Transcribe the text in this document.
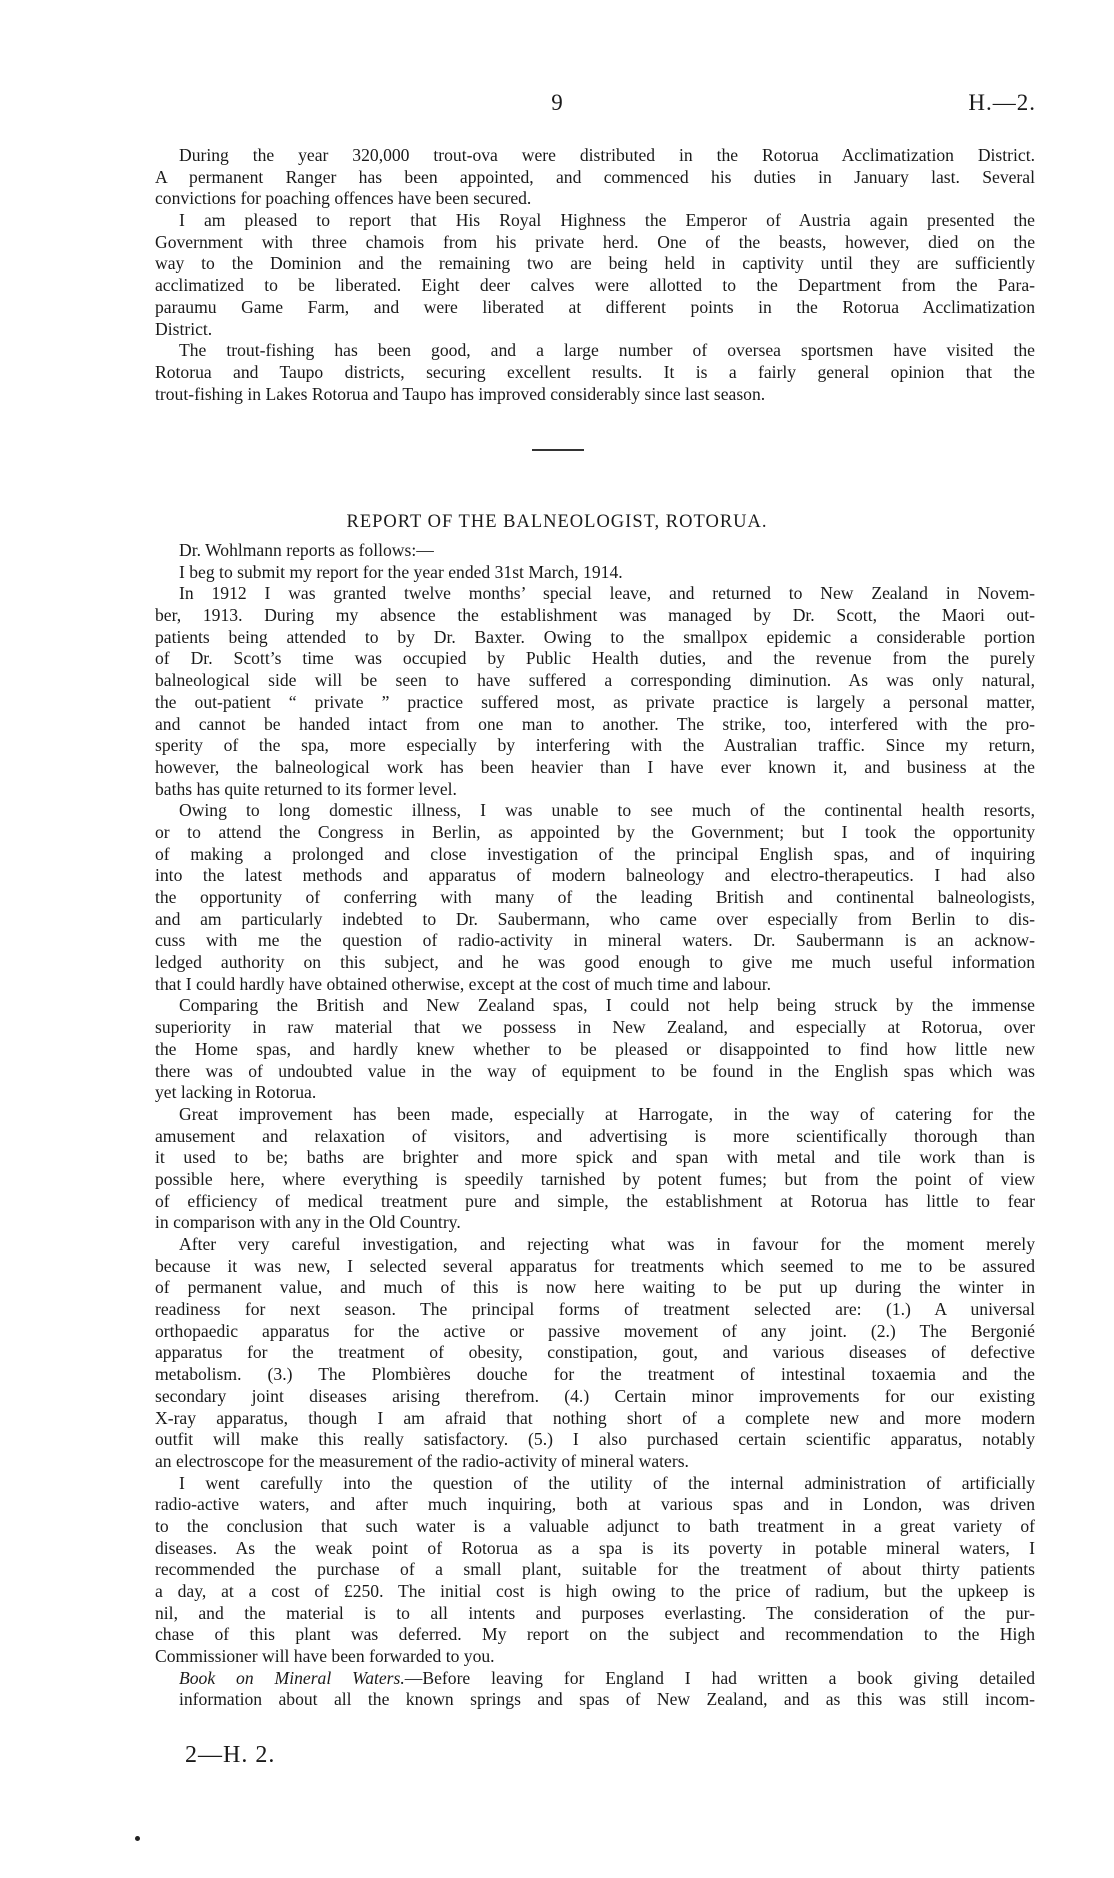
9	H.—2.
During the year 320,000 trout-ova were distributed in the Rotorua Acclimatization District.
A permanent Ranger has been appointed, and commenced his duties in January last. Several
convictions for poaching offences have been secured.
I am pleased to report that His Royal Highness the Emperor of Austria again presented the
Government with three chamois from his private herd. One of the beasts, however, died on the
way to the Dominion and the remaining two are being held in captivity until they are sufficiently
acclimatized to be liberated. Eight deer calves were allotted to the Department from the Para-
paraumu Game Farm, and were liberated at different points in the Rotorua Acclimatization
District.
The trout-fishing has been good, and a large number of oversea sportsmen have visited the
Rotorua and Taupo districts, securing excellent results. It is a fairly general opinion that the
trout-fishing in Lakes Rotorua and Taupo has improved considerably since last season.
REPORT OF THE BALNEOLOGIST, ROTORUA.
Dr. Wohlmann reports as follows:—
I beg to submit my report for the year ended 31st March, 1914.
In 1912 I was granted twelve months’ special leave, and returned to New Zealand in Novem-
ber, 1913. During my absence the establishment was managed by Dr. Scott, the Maori out-
patients being attended to by Dr. Baxter. Owing to the smallpox epidemic a considerable portion
of Dr. Scott’s time was occupied by Public Health duties, and the revenue from the purely
balneological side will be seen to have suffered a corresponding diminution. As was only natural,
the out-patient “ private ” practice suffered most, as private practice is largely a personal matter,
and cannot be handed intact from one man to another. The strike, too, interfered with the pro-
sperity of the spa, more especially by interfering with the Australian traffic. Since my return,
however, the balneological work has been heavier than I have ever known it, and business at the
baths has quite returned to its former level.
Owing to long domestic illness, I was unable to see much of the continental health resorts,
or to attend the Congress in Berlin, as appointed by the Government; but I took the opportunity
of making a prolonged and close investigation of the principal English spas, and of inquiring
into the latest methods and apparatus of modern balneology and electro-therapeutics. I had also
the opportunity of conferring with many of the leading British and continental balneologists,
and am particularly indebted to Dr. Saubermann, who came over especially from Berlin to dis-
cuss with me the question of radio-activity in mineral waters. Dr. Saubermann is an acknow-
ledged authority on this subject, and he was good enough to give me much useful information
that I could hardly have obtained otherwise, except at the cost of much time and labour.
Comparing the British and New Zealand spas, I could not help being struck by the immense
superiority in raw material that we possess in New Zealand, and especially at Rotorua, over
the Home spas, and hardly knew whether to be pleased or disappointed to find how little new
there was of undoubted value in the way of equipment to be found in the English spas which was
yet lacking in Rotorua.
Great improvement has been made, especially at Harrogate, in the way of catering for the
amusement and relaxation of visitors, and advertising is more scientifically thorough than
it used to be; baths are brighter and more spick and span with metal and tile work than is
possible here, where everything is speedily tarnished by potent fumes; but from the point of view
of efficiency of medical treatment pure and simple, the establishment at Rotorua has little to fear
in comparison with any in the Old Country.
After very careful investigation, and rejecting what was in favour for the moment merely
because it was new, I selected several apparatus for treatments which seemed to me to be assured
of permanent value, and much of this is now here waiting to be put up during the winter in
readiness for next season. The principal forms of treatment selected are: (1.) A universal
orthopaedic apparatus for the active or passive movement of any joint. (2.) The Bergonié
apparatus for the treatment of obesity, constipation, gout, and various diseases of defective
metabolism. (3.) The Plombières douche for the treatment of intestinal toxaemia and the
secondary joint diseases arising therefrom. (4.) Certain minor improvements for our existing
X-ray apparatus, though I am afraid that nothing short of a complete new and more modern
outfit will make this really satisfactory. (5.) I also purchased certain scientific apparatus, notably
an electroscope for the measurement of the radio-activity of mineral waters.
I went carefully into the question of the utility of the internal administration of artificially
radio-active waters, and after much inquiring, both at various spas and in London, was driven
to the conclusion that such water is a valuable adjunct to bath treatment in a great variety of
diseases. As the weak point of Rotorua as a spa is its poverty in potable mineral waters, I
recommended the purchase of a small plant, suitable for the treatment of about thirty patients
a day, at a cost of £250. The initial cost is high owing to the price of radium, but the upkeep is
nil, and the material is to all intents and purposes everlasting. The consideration of the pur-
chase of this plant was deferred. My report on the subject and recommendation to the High
Commissioner will have been forwarded to you.
Book on Mineral Waters.—Before leaving for England I had written a book giving detailed
information about all the known springs and spas of New Zealand, and as this was still incom-
2—H. 2.
